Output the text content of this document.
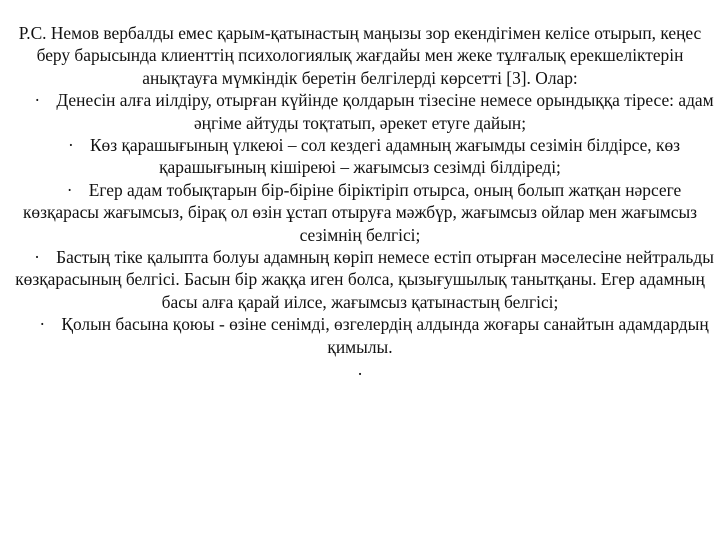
Р.С. Немов вербалды емес қарым-қатынастың маңызы зор екендігімен келісе отырып, кеңес беру барысында клиенттің психологиялық жағдайы мен жеке тұлғалық ерекшеліктерін анықтауға мүмкіндік беретін белгілерді көрсетті [3]. Олар:

· Денесін алға иілдіру, отырған күйінде қолдарын тізесіне немесе орындыққа тіресе: адам әңгіме айтуды тоқтатып, әрекет етуге дайын;

· Көз қарашығының үлкеюі – сол кездегі адамның жағымды сезімін білдірсе, көз қарашығының кішіреюі – жағымсыз сезімді білдіреді;

· Егер адам тобықтарын бір-біріне біріктіріп отырса, оның болып жатқан нәрсеге көзқарасы жағымсыз, бірақ ол өзін ұстап отыруға мәжбүр, жағымсыз ойлар мен жағымсыз сезімнің белгісі;

· Бастың тіке қалыпта болуы адамның көріп немесе естіп отырған мәселесіне нейтральды көзқарасының белгісі. Басын бір жаққа иген болса, қызығушылық танытқаны. Егер адамның басы алға қарай иілсе, жағымсыз қатынастың белгісі;

· Қолын басына қоюы - өзіне сенімді, өзгелердің алдында жоғары санайтын адамдардың қимылы.

.
